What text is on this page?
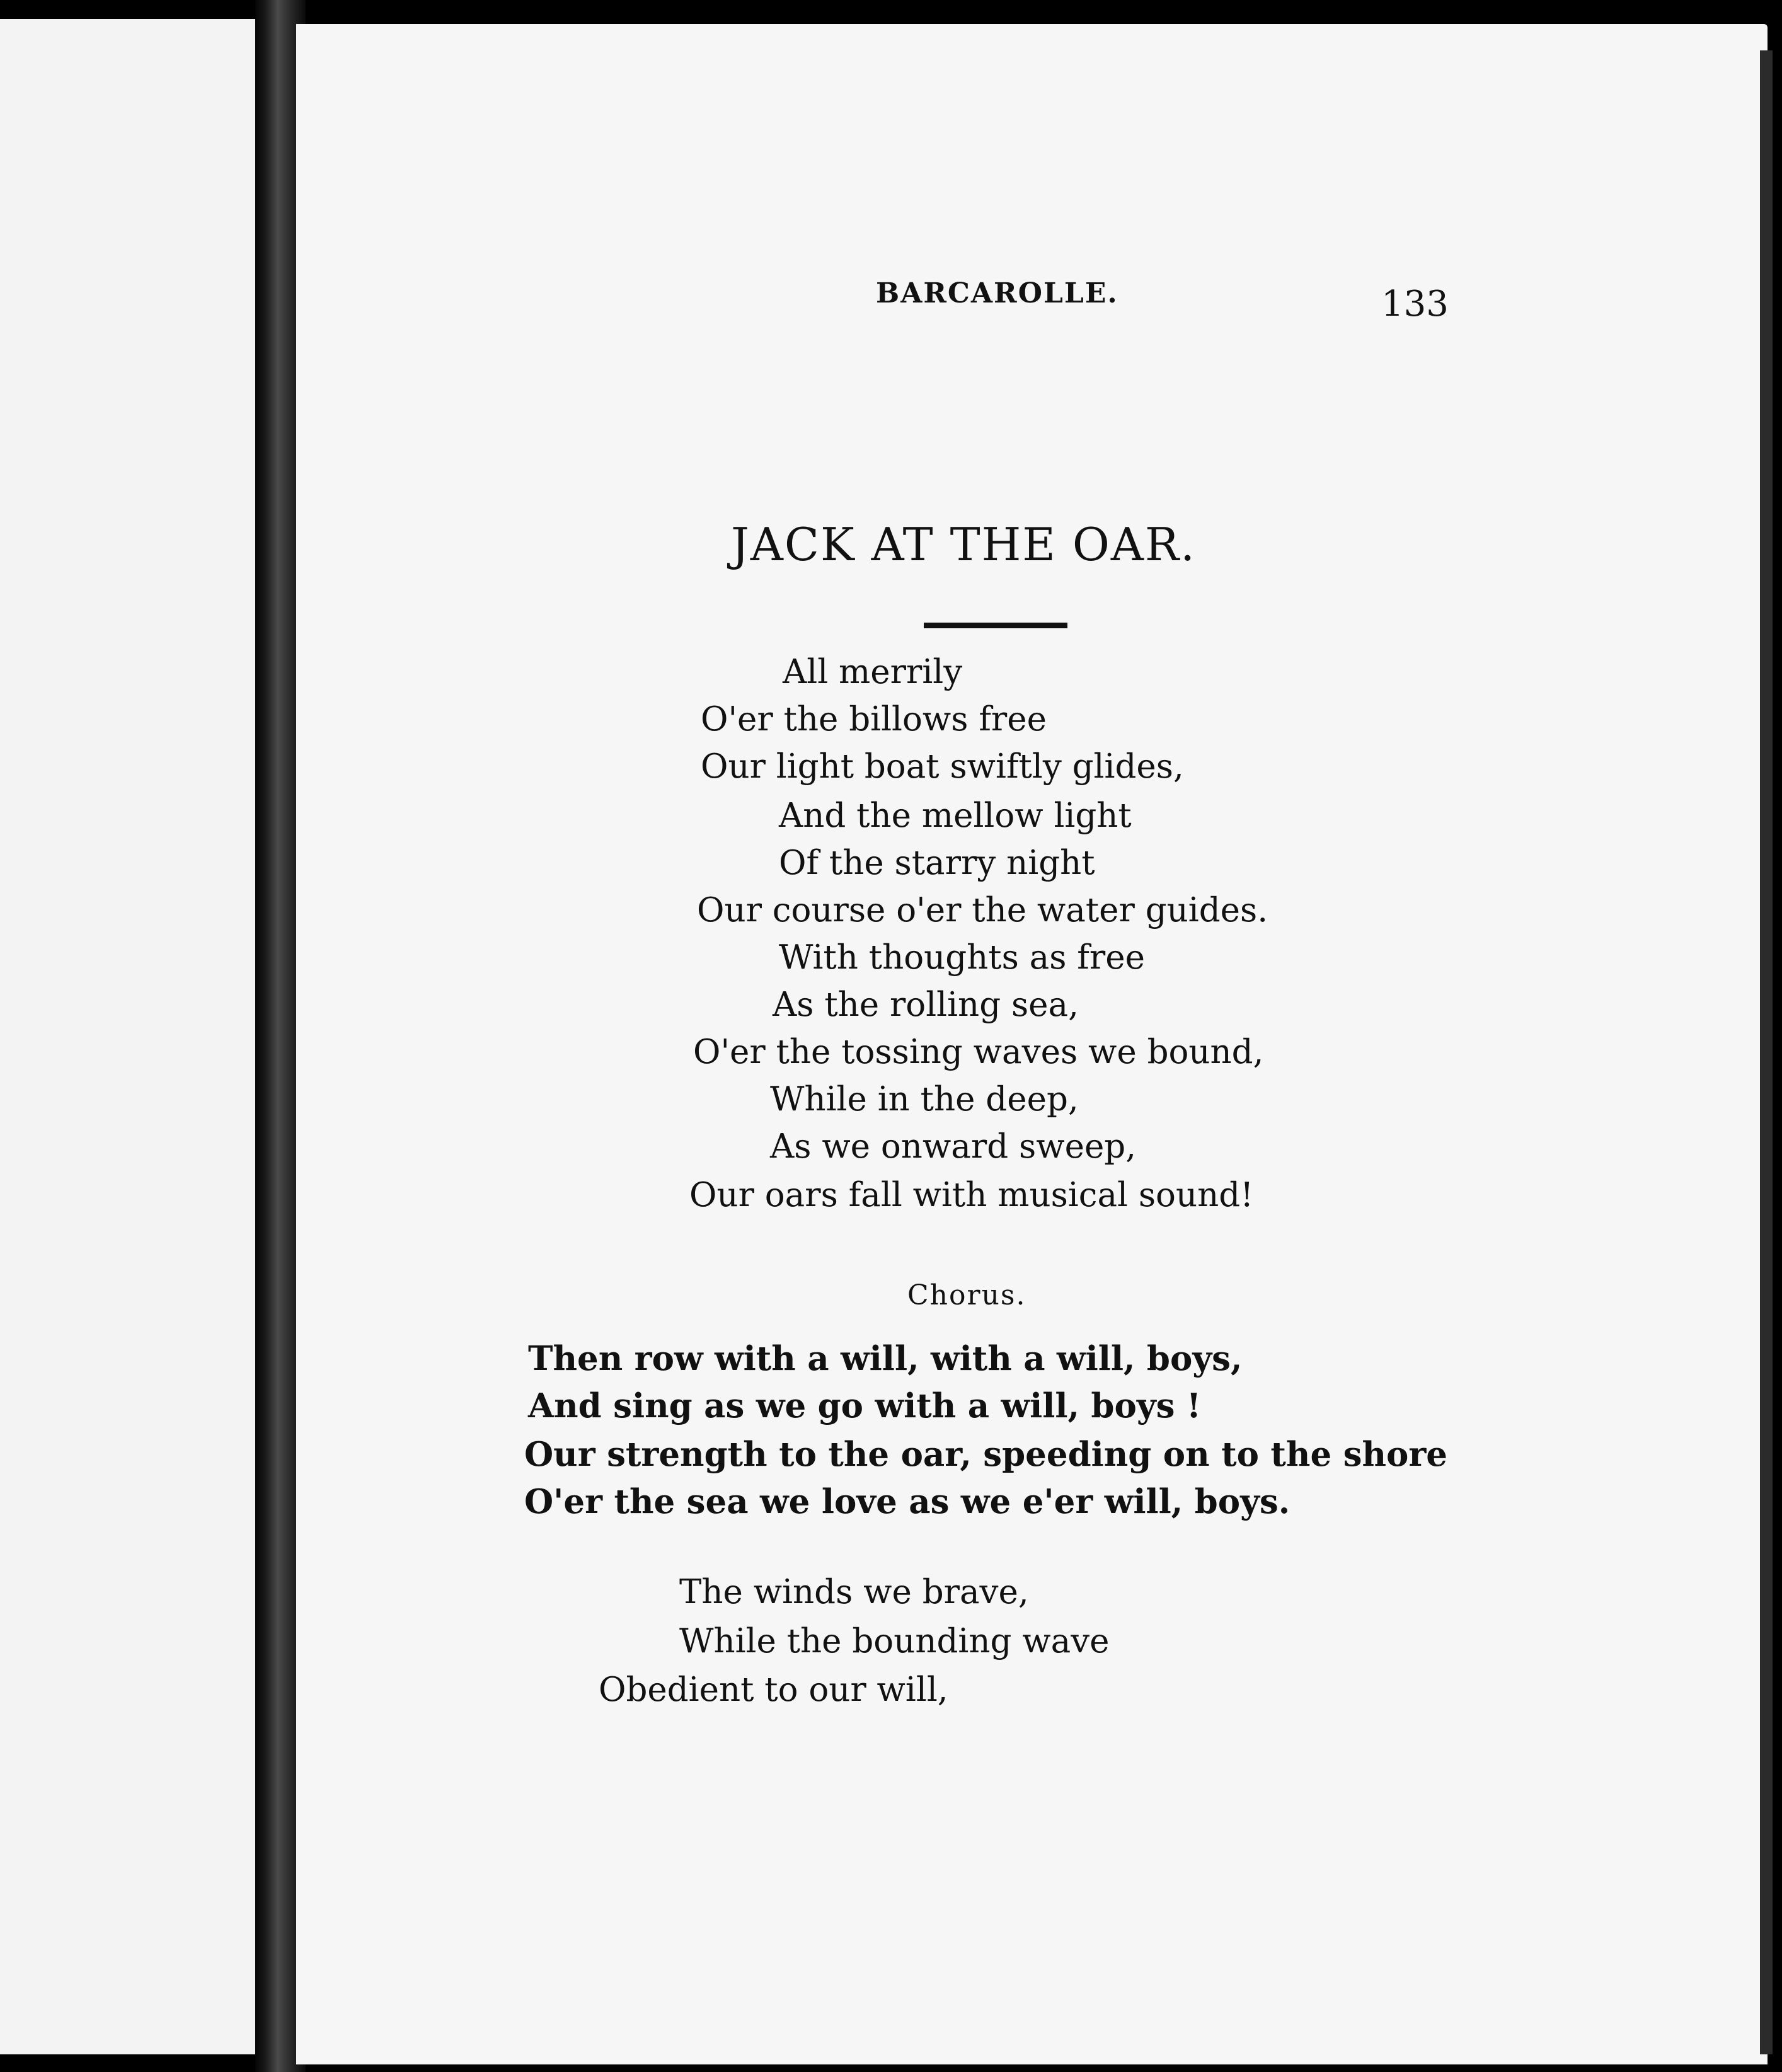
BARCAROLLE.	133
JACK AT THE OAR.
All merrily
O'er the billows free
Our light boat swiftly glides,
And the mellow light
Of the starry night
Our course o'er the water guides.
With thoughts as free
As the rolling sea,
O'er the tossing waves we bound,
While in the deep,
As we onward sweep,
Our oars fall with musical sound!
Chorus.
Then row with a will, with a will, boys,
And sing as we go with a will, boys !
Our strength to the oar, speeding on to the shore
O'er the sea we love as we e'er will, boys.
The winds we brave,
While the bounding wave
Obedient to our will,
